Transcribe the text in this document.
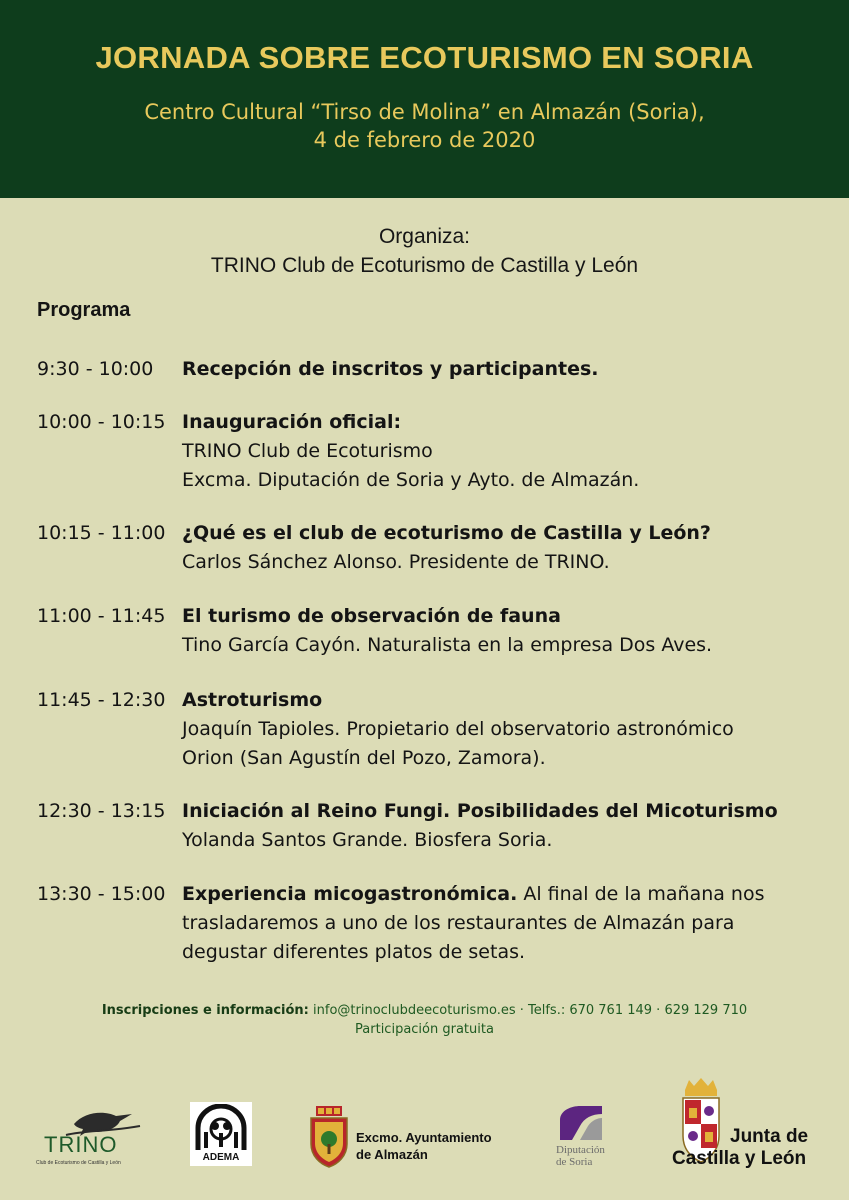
JORNADA SOBRE ECOTURISMO EN SORIA
Centro Cultural “Tirso de Molina” en Almazán (Soria),
4 de febrero de 2020
Organiza:
TRINO Club de Ecoturismo de Castilla y León
Programa
9:30 - 10:00 Recepción de inscritos y participantes.
10:00 - 10:15 Inauguración oficial:
TRINO Club de Ecoturismo
Excma. Diputación de Soria y Ayto. de Almazán.
10:15 - 11:00 ¿Qué es el club de ecoturismo de Castilla y León?
Carlos Sánchez Alonso. Presidente de TRINO.
11:00 - 11:45 El turismo de observación de fauna
Tino García Cayón. Naturalista en la empresa Dos Aves.
11:45 - 12:30 Astroturismo
Joaquín Tapioles. Propietario del observatorio astronómico
Orion (San Agustín del Pozo, Zamora).
12:30 - 13:15 Iniciación al Reino Fungi. Posibilidades del Micoturismo
Yolanda Santos Grande. Biosfera Soria.
13:30 - 15:00 Experiencia micogastronómica. Al final de la mañana nos trasladaremos a uno de los restaurantes de Almazán para degustar diferentes platos de setas.
Inscripciones e información: info@trinoclubdeecoturismo.es · Telfs.: 670 761 149 · 629 129 710
Participación gratuita
TRINO
Club de Ecoturismo de Castilla y León	ADEMA
Excmo. Ayuntamiento
de Almazán	Diputación
de Soria
Junta de
Castilla y León
